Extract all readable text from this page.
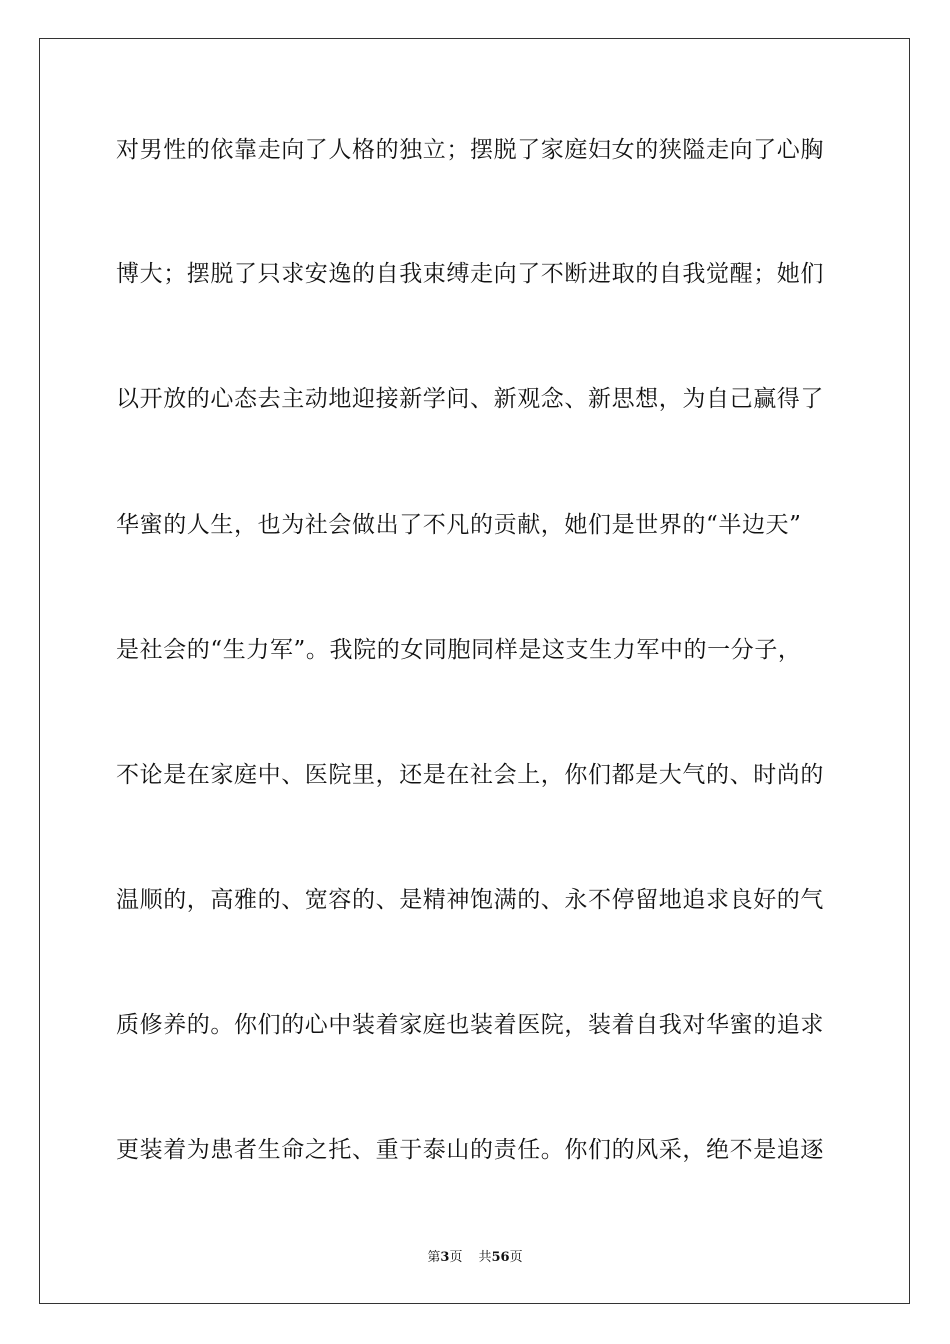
对男性的依靠走向了人格的独立；摆脱了家庭妇女的狭隘走向了心胸
博大；摆脱了只求安逸的自我束缚走向了不断进取的自我觉醒；她们
以开放的心态去主动地迎接新学问、新观念、新思想，为自己赢得了
华蜜的人生，也为社会做出了不凡的贡献，她们是世界的“半边天”
是社会的“生力军”。我院的女同胞同样是这支生力军中的一分子，
不论是在家庭中、医院里，还是在社会上，你们都是大气的、时尚的
温顺的，高雅的、宽容的、是精神饱满的、永不停留地追求良好的气
质修养的。你们的心中装着家庭也装着医院，装着自我对华蜜的追求
更装着为患者生命之托、重于泰山的责任。你们的风采，绝不是追逐
第3页 共56页
